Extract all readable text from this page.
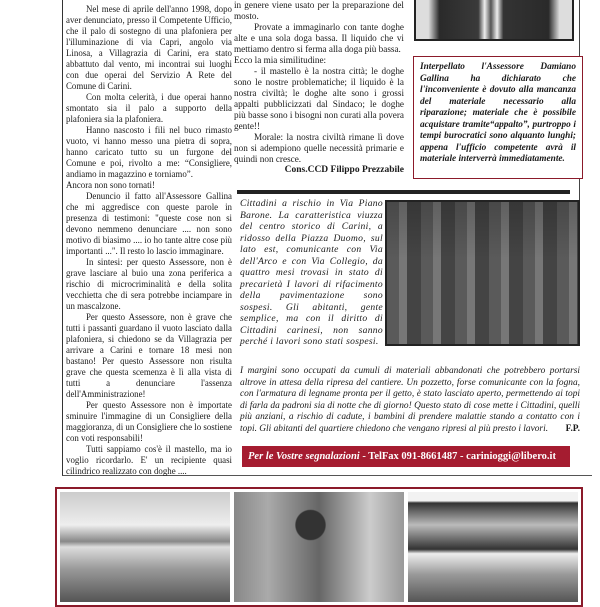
Nel mese di aprile dell'anno 1998, dopo aver denunciato, presso il Competente Ufficio, che il palo di sostegno di una plafoniera per l'illuminazione di via Capri, angolo via Linosa, a Villagrazia di Carini, era stato abbattuto dal vento, mi incontrai sui luoghi con due operai del Servizio A Rete del Comune di Carini.

Con molta celerità, i due operai hanno smontato sia il palo a supporto della plafoniera sia la plafoniera.

Hanno nascosto i fili nel buco rimasto vuoto, vi hanno messo una pietra di sopra, hanno caricato tutto su un furgone del Comune e poi, rivolto a me: “Consigliere, andiamo in magazzino e torniamo”.

Ancora non sono tornati!

Denuncio il fatto all'Assessore Gallina che mi aggredisce con queste parole in presenza di testimoni: "queste cose non si devono nemmeno denunciare .... non sono motivo di biasimo .... io ho tante altre cose più importanti ...". Il resto lo lascio immaginare.

In sintesi: per questo Assessore, non è grave lasciare al buio una zona periferica a rischio di microcriminalità e della solita vecchietta che di sera potrebbe inciampare in un mascalzone.

Per questo Assessore, non è grave che tutti i passanti guardano il vuoto lasciato dalla plafoniera, si chiedono se da Villagrazia per arrivare a Carini e tornare 18 mesi non bastano! Per questo Assessore non risulta grave che questa scemenza è lì alla vista di tutti a denunciare l'assenza dell'Amministrazione!

Per questo Assessore non è importate sminuire l'immagine di un Consigliere della maggioranza, di un Consigliere che lo sostiene con voti responsabili!

Tutti sappiamo cos'è il mastello, ma io voglio ricordarlo. E' un recipiente quasi cilindrico realizzato con doghe ....

in genere viene usato per la preparazione del mosto.

Provate a immaginarlo con tante doghe alte e una sola doga bassa. Il liquido che vi mettiamo dentro si ferma alla doga più bassa.

Ecco la mia similitudine:

- il mastello è la nostra città; le doghe sono le nostre problematiche; il liquido è la nostra civiltà; le doghe alte sono i grossi appalti pubblicizzati dal Sindaco; le doghe più basse sono i bisogni non curati alla povera gente!!

Morale: la nostra civiltà rimane lì dove non si adempiono quelle necessità primarie e quindi non cresce.

Cons.CCD Filippo Prezzabile
Interpellato l'Assessore Damiano Gallina ha dichiarato che l'inconveniente è dovuto alla mancanza del materiale necessario alla riparazione; materiale che è possibile acquistare tramite“appalto”, purtroppo i tempi burocratici sono alquanto lunghi; appena l'ufficio competente avrà il materiale interverrà immediatamente.
Cittadini a rischio in Via Piano Barone. La caratteristica viuzza del centro storico di Carini, a ridosso della Piazza Duomo, sul lato est, comunicante con Via dell'Arco e con Via Collegio, da quattro mesi trovasi in stato di precarietà I lavori di rifacimento della pavimentazione sono sospesi. Gli abitanti, gente semplice, ma con il diritto di Cittadini carinesi, non sanno perché i lavori sono stati sospesi.
I margini sono occupati da cumuli di materiali abbandonati che potrebbero portarsi altrove in attesa della ripresa del cantiere. Un pozzetto, forse comunicante con la fogna, con l'armatura di legname pronta per il getto, è stato lasciato aperto, permettendo ai topi di farla da padroni sia di notte che di giorno! Questo stato di cose mette i Cittadini, quelli più anziani, a rischio di cadute, i bambini di prendere malattie stando a contatto con i topi. Gli abitanti del quartiere chiedono che vengano ripresi al più presto i lavori. F.P.
Per le Vostre segnalazioni - TelFax 091-8661487 - carinioggi@libero.it
